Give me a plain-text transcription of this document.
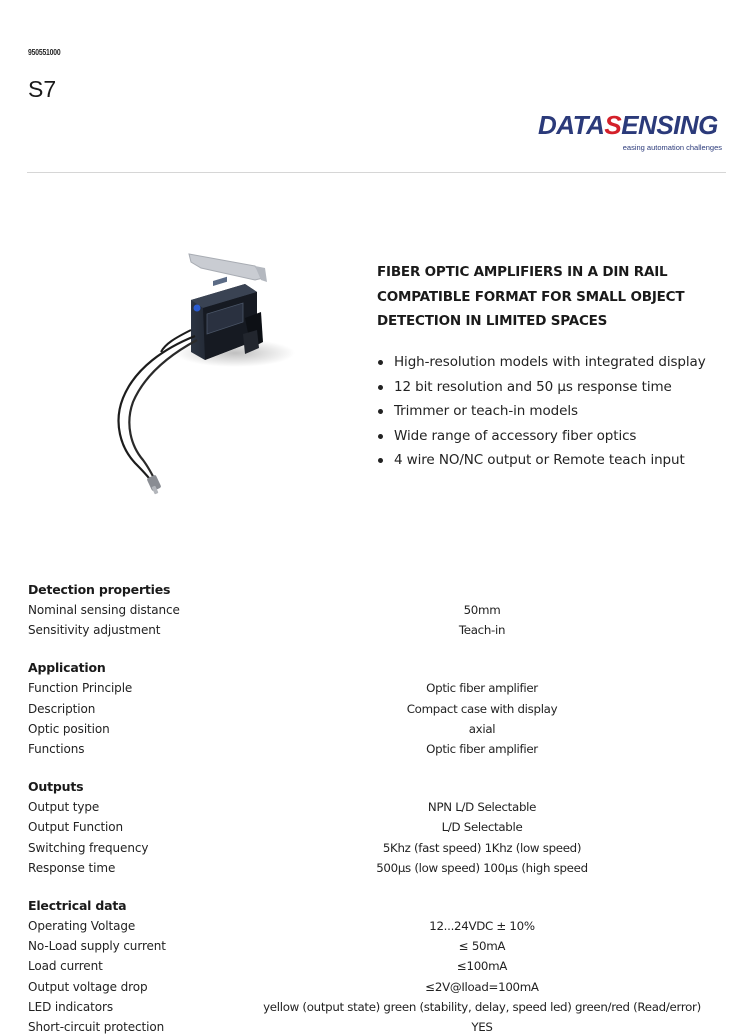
950551000
S7
DATASENSING
easing automation challenges
FIBER OPTIC AMPLIFIERS IN A DIN RAIL COMPATIBLE FORMAT FOR SMALL OBJECT DETECTION IN LIMITED SPACES
High-resolution models with integrated display
12 bit resolution and 50 µs response time
Trimmer or teach-in models
Wide range of accessory fiber optics
4 wire NO/NC output or Remote teach input
Detection properties
Nominal sensing distance	50mm
Sensitivity adjustment	Teach-in
Application
Function Principle	Optic fiber amplifier
Description	Compact case with display
Optic position	axial
Functions	Optic fiber amplifier
Outputs
Output type	NPN L/D Selectable
Output Function	L/D Selectable
Switching frequency	5Khz (fast speed) 1Khz (low speed)
Response time	500µs (low speed) 100µs (high speed
Electrical data
Operating Voltage	12...24VDC ± 10%
No-Load supply current	≤ 50mA
Load current	≤100mA
Output voltage drop	≤2V@Iload=100mA
LED indicators	yellow (output state) green (stability, delay, speed led) green/red (Read/error)
Short-circuit protection	YES
